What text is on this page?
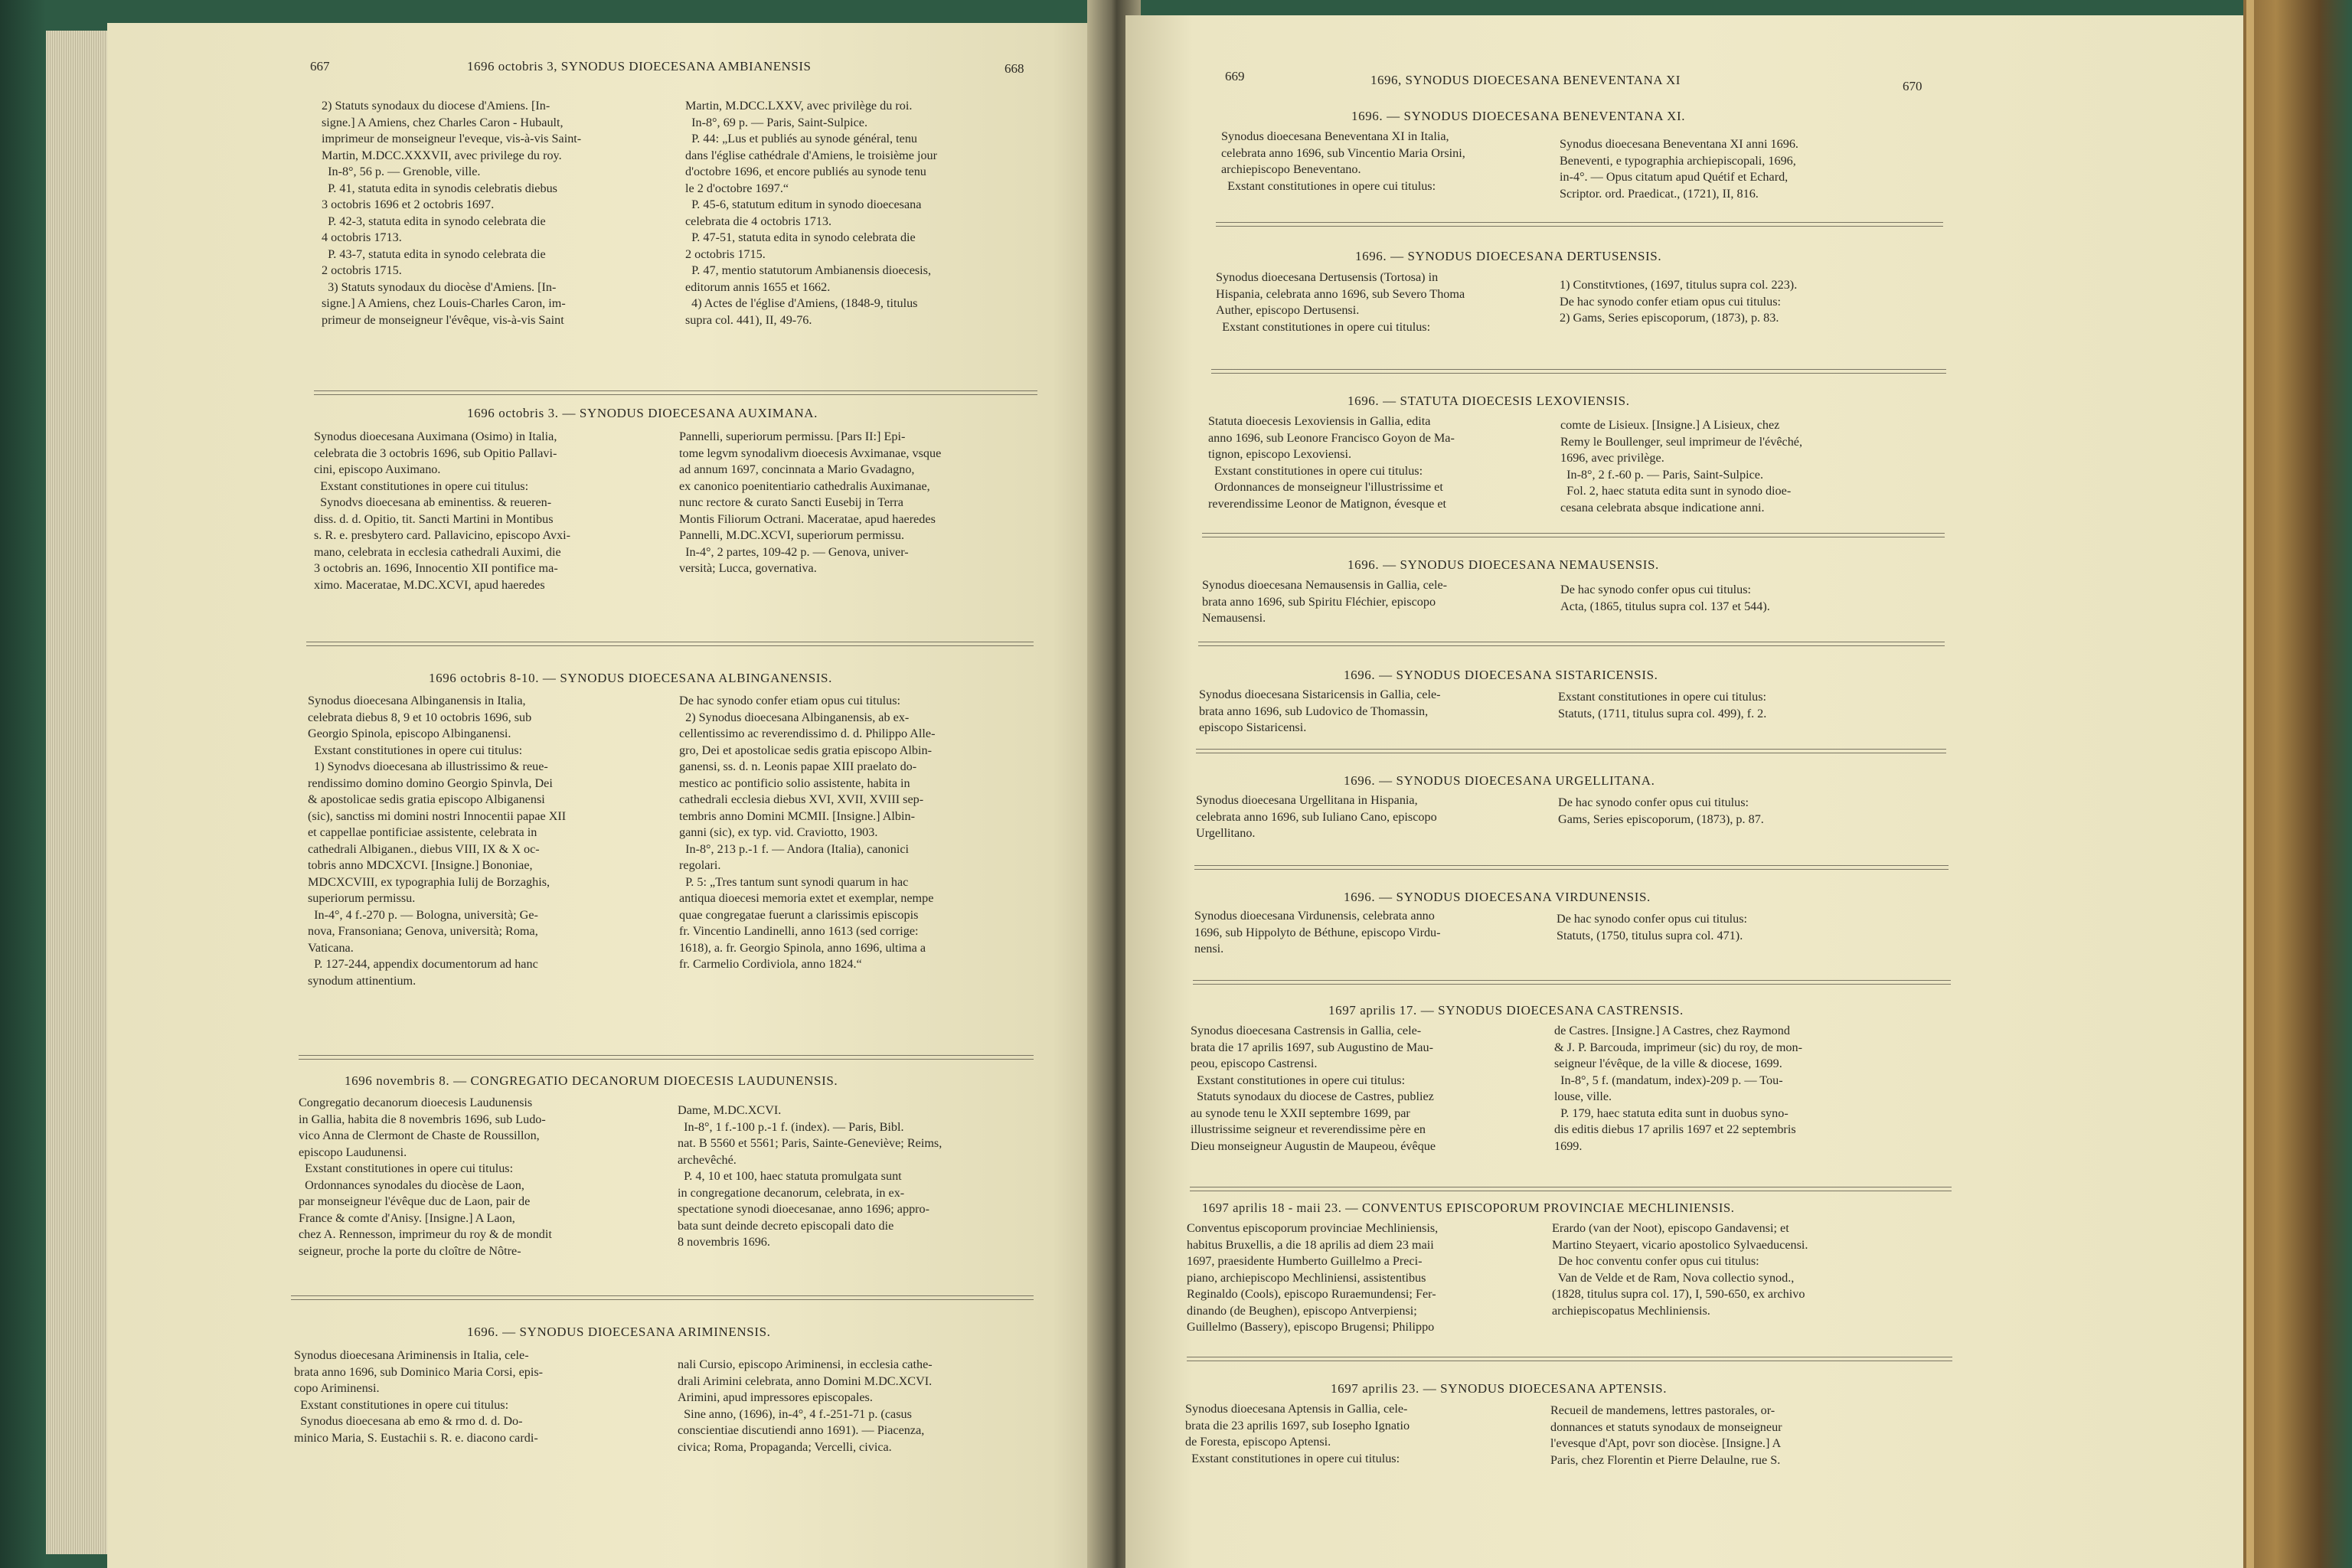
667	1696 octobris 3, SYNODUS DIOECESANA AMBIANENSIS	668
2) Statuts synodaux du diocese d'Amiens. [In-
signe.] A Amiens, chez Charles Caron - Hubault,
imprimeur de monseigneur l'eveque, vis-à-vis Saint-
Martin, M.DCC.XXXVII, avec privilege du roy.
In-8°, 56 p. — Grenoble, ville.
P. 41, statuta edita in synodis celebratis diebus
3 octobris 1696 et 2 octobris 1697.
P. 42-3, statuta edita in synodo celebrata die
4 octobris 1713.
P. 43-7, statuta edita in synodo celebrata die
2 octobris 1715.
3) Statuts synodaux du diocèse d'Amiens. [In-
signe.] A Amiens, chez Louis-Charles Caron, im-
primeur de monseigneur l'évêque, vis-à-vis Saint
Martin, M.DCC.LXXV, avec privilège du roi.
In-8°, 69 p. — Paris, Saint-Sulpice.
P. 44: „Lus et publiés au synode général, tenu
dans l'église cathédrale d'Amiens, le troisième jour
d'octobre 1696, et encore publiés au synode tenu
le 2 d'octobre 1697.“
P. 45-6, statutum editum in synodo dioecesana
celebrata die 4 octobris 1713.
P. 47-51, statuta edita in synodo celebrata die
2 octobris 1715.
P. 47, mentio statutorum Ambianensis dioecesis,
editorum annis 1655 et 1662.
4) Actes de l'église d'Amiens, (1848-9, titulus
supra col. 441), II, 49-76.
1696 octobris 3. — SYNODUS DIOECESANA AUXIMANA.
Synodus dioecesana Auximana (Osimo) in Italia,
celebrata die 3 octobris 1696, sub Opitio Pallavi-
cini, episcopo Auximano.
Exstant constitutiones in opere cui titulus:
Synodvs dioecesana ab eminentiss. & reueren-
diss. d. d. Opitio, tit. Sancti Martini in Montibus
s. R. e. presbytero card. Pallavicino, episcopo Avxi-
mano, celebrata in ecclesia cathedrali Auximi, die
3 octobris an. 1696, Innocentio XII pontifice ma-
ximo. Maceratae, M.DC.XCVI, apud haeredes
Pannelli, superiorum permissu. [Pars II:] Epi-
tome legvm synodalivm dioecesis Avximanae, vsque
ad annum 1697, concinnata a Mario Gvadagno,
ex canonico poenitentiario cathedralis Auximanae,
nunc rectore & curato Sancti Eusebij in Terra
Montis Filiorum Octrani. Maceratae, apud haeredes
Pannelli, M.DC.XCVI, superiorum permissu.
In-4°, 2 partes, 109-42 p. — Genova, univer-
versità; Lucca, governativa.
1696 octobris 8-10. — SYNODUS DIOECESANA ALBINGANENSIS.
Synodus dioecesana Albinganensis in Italia,
celebrata diebus 8, 9 et 10 octobris 1696, sub
Georgio Spinola, episcopo Albinganensi.
Exstant constitutiones in opere cui titulus:
1) Synodvs dioecesana ab illustrissimo & reue-
rendissimo domino domino Georgio Spinvla, Dei
& apostolicae sedis gratia episcopo Albiganensi
(sic), sanctiss mi domini nostri Innocentii papae XII
et cappellae pontificiae assistente, celebrata in
cathedrali Albiganen., diebus VIII, IX & X oc-
tobris anno MDCXCVI. [Insigne.] Bononiae,
MDCXCVIII, ex typographia Iulij de Borzaghis,
superiorum permissu.
In-4°, 4 f.-270 p. — Bologna, università; Ge-
nova, Fransoniana; Genova, università; Roma,
Vaticana.
P. 127-244, appendix documentorum ad hanc
synodum attinentium.
De hac synodo confer etiam opus cui titulus:
2) Synodus dioecesana Albinganensis, ab ex-
cellentissimo ac reverendissimo d. d. Philippo Alle-
gro, Dei et apostolicae sedis gratia episcopo Albin-
ganensi, ss. d. n. Leonis papae XIII praelato do-
mestico ac pontificio solio assistente, habita in
cathedrali ecclesia diebus XVI, XVII, XVIII sep-
tembris anno Domini MCMII. [Insigne.] Albin-
ganni (sic), ex typ. vid. Craviotto, 1903.
In-8°, 213 p.-1 f. — Andora (Italia), canonici
regolari.
P. 5: „Tres tantum sunt synodi quarum in hac
antiqua dioecesi memoria extet et exemplar, nempe
quae congregatae fuerunt a clarissimis episcopis
fr. Vincentio Landinelli, anno 1613 (sed corrige:
1618), a. fr. Georgio Spinola, anno 1696, ultima a
fr. Carmelio Cordiviola, anno 1824.“
1696 novembris 8. — CONGREGATIO DECANORUM DIOECESIS LAUDUNENSIS.
Congregatio decanorum dioecesis Laudunensis
in Gallia, habita die 8 novembris 1696, sub Ludo-
vico Anna de Clermont de Chaste de Roussillon,
episcopo Laudunensi.
Exstant constitutiones in opere cui titulus:
Ordonnances synodales du diocèse de Laon,
par monseigneur l'évêque duc de Laon, pair de
France & comte d'Anisy. [Insigne.] A Laon,
chez A. Rennesson, imprimeur du roy & de mondit
seigneur, proche la porte du cloître de Nôtre-
Dame, M.DC.XCVI.
In-8°, 1 f.-100 p.-1 f. (index). — Paris, Bibl.
nat. B 5560 et 5561; Paris, Sainte-Geneviève; Reims,
archevêché.
P. 4, 10 et 100, haec statuta promulgata sunt
in congregatione decanorum, celebrata, in ex-
spectatione synodi dioecesanae, anno 1696; appro-
bata sunt deinde decreto episcopali dato die
8 novembris 1696.
1696. — SYNODUS DIOECESANA ARIMINENSIS.
Synodus dioecesana Ariminensis in Italia, cele-
brata anno 1696, sub Dominico Maria Corsi, epis-
copo Ariminensi.
Exstant constitutiones in opere cui titulus:
Synodus dioecesana ab emo & rmo d. d. Do-
minico Maria, S. Eustachii s. R. e. diacono cardi-
nali Cursio, episcopo Ariminensi, in ecclesia cathe-
drali Arimini celebrata, anno Domini M.DC.XCVI.
Arimini, apud impressores episcopales.
Sine anno, (1696), in-4°, 4 f.-251-71 p. (casus
conscientiae discutiendi anno 1691). — Piacenza,
civica; Roma, Propaganda; Vercelli, civica.
669	1696, SYNODUS DIOECESANA BENEVENTANA XI	670
1696. — SYNODUS DIOECESANA BENEVENTANA XI.
Synodus dioecesana Beneventana XI in Italia,
celebrata anno 1696, sub Vincentio Maria Orsini,
archiepiscopo Beneventano.
Exstant constitutiones in opere cui titulus:
Synodus dioecesana Beneventana XI anni 1696.
Beneventi, e typographia archiepiscopali, 1696,
in-4°. — Opus citatum apud Quétif et Echard,
Scriptor. ord. Praedicat., (1721), II, 816.
1696. — SYNODUS DIOECESANA DERTUSENSIS.
Synodus dioecesana Dertusensis (Tortosa) in
Hispania, celebrata anno 1696, sub Severo Thoma
Auther, episcopo Dertusensi.
Exstant constitutiones in opere cui titulus:
1) Constitvtiones, (1697, titulus supra col. 223).
De hac synodo confer etiam opus cui titulus:
2) Gams, Series episcoporum, (1873), p. 83.
1696. — STATUTA DIOECESIS LEXOVIENSIS.
Statuta dioecesis Lexoviensis in Gallia, edita
anno 1696, sub Leonore Francisco Goyon de Ma-
tignon, episcopo Lexoviensi.
Exstant constitutiones in opere cui titulus:
Ordonnances de monseigneur l'illustrissime et
reverendissime Leonor de Matignon, évesque et
comte de Lisieux. [Insigne.] A Lisieux, chez
Remy le Boullenger, seul imprimeur de l'évêché,
1696, avec privilège.
In-8°, 2 f.-60 p. — Paris, Saint-Sulpice.
Fol. 2, haec statuta edita sunt in synodo dioe-
cesana celebrata absque indicatione anni.
1696. — SYNODUS DIOECESANA NEMAUSENSIS.
Synodus dioecesana Nemausensis in Gallia, cele-
brata anno 1696, sub Spiritu Fléchier, episcopo
Nemausensi.
De hac synodo confer opus cui titulus:
Acta, (1865, titulus supra col. 137 et 544).
1696. — SYNODUS DIOECESANA SISTARICENSIS.
Synodus dioecesana Sistaricensis in Gallia, cele-
brata anno 1696, sub Ludovico de Thomassin,
episcopo Sistaricensi.
Exstant constitutiones in opere cui titulus:
Statuts, (1711, titulus supra col. 499), f. 2.
1696. — SYNODUS DIOECESANA URGELLITANA.
Synodus dioecesana Urgellitana in Hispania,
celebrata anno 1696, sub Iuliano Cano, episcopo
Urgellitano.
De hac synodo confer opus cui titulus:
Gams, Series episcoporum, (1873), p. 87.
1696. — SYNODUS DIOECESANA VIRDUNENSIS.
Synodus dioecesana Virdunensis, celebrata anno
1696, sub Hippolyto de Béthune, episcopo Virdu-
nensi.
De hac synodo confer opus cui titulus:
Statuts, (1750, titulus supra col. 471).
1697 aprilis 17. — SYNODUS DIOECESANA CASTRENSIS.
Synodus dioecesana Castrensis in Gallia, cele-
brata die 17 aprilis 1697, sub Augustino de Mau-
peou, episcopo Castrensi.
Exstant constitutiones in opere cui titulus:
Statuts synodaux du diocese de Castres, publiez
au synode tenu le XXII septembre 1699, par
illustrissime seigneur et reverendissime père en
Dieu monseigneur Augustin de Maupeou, évêque
de Castres. [Insigne.] A Castres, chez Raymond
& J. P. Barcouda, imprimeur (sic) du roy, de mon-
seigneur l'évêque, de la ville & diocese, 1699.
In-8°, 5 f. (mandatum, index)-209 p. — Tou-
louse, ville.
P. 179, haec statuta edita sunt in duobus syno-
dis editis diebus 17 aprilis 1697 et 22 septembris
1699.
1697 aprilis 18 - maii 23. — CONVENTUS EPISCOPORUM PROVINCIAE MECHLINIENSIS.
Conventus episcoporum provinciae Mechliniensis,
habitus Bruxellis, a die 18 aprilis ad diem 23 maii
1697, praesidente Humberto Guillelmo a Preci-
piano, archiepiscopo Mechliniensi, assistentibus
Reginaldo (Cools), episcopo Ruraemundensi; Fer-
dinando (de Beughen), episcopo Antverpiensi;
Guillelmo (Bassery), episcopo Brugensi; Philippo
Erardo (van der Noot), episcopo Gandavensi; et
Martino Steyaert, vicario apostolico Sylvaeducensi.
De hoc conventu confer opus cui titulus:
Van de Velde et de Ram, Nova collectio synod.,
(1828, titulus supra col. 17), I, 590-650, ex archivo
archiepiscopatus Mechliniensis.
1697 aprilis 23. — SYNODUS DIOECESANA APTENSIS.
Synodus dioecesana Aptensis in Gallia, cele-
brata die 23 aprilis 1697, sub Iosepho Ignatio
de Foresta, episcopo Aptensi.
Exstant constitutiones in opere cui titulus:
Recueil de mandemens, lettres pastorales, or-
donnances et statuts synodaux de monseigneur
l'evesque d'Apt, povr son diocèse. [Insigne.] A
Paris, chez Florentin et Pierre Delaulne, rue S.
